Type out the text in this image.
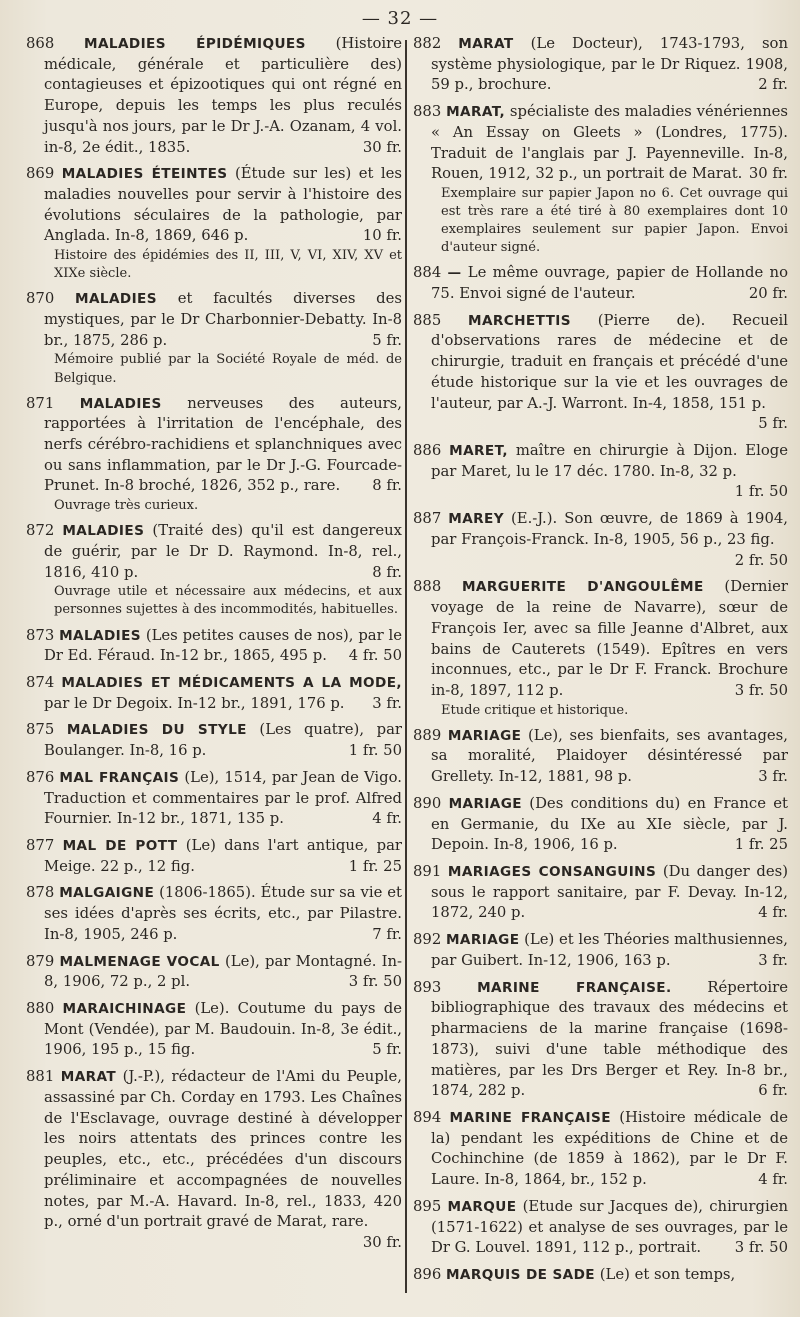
— 32 —
868 MALADIES ÉPIDÉMIQUES (Histoire médicale, générale et particulière des) contagieuses et épizootiques qui ont régné en Europe, depuis les temps les plus reculés jusqu'à nos jours, par le Dr J.-A. Ozanam, 4 vol. in-8, 2e édit., 1835.	30 fr.
869 MALADIES ÉTEINTES (Étude sur les) et les maladies nouvelles pour servir à l'histoire des évolutions séculaires de la pathologie, par Anglada. In-8, 1869, 646 p.	10 fr.
Histoire des épidémies des II, III, V, VI, XIV, XV et XIXe siècle.
870 MALADIES et facultés diverses des mystiques, par le Dr Charbonnier-Debatty. In-8 br., 1875, 286 p.	5 fr.
Mémoire publié par la Société Royale de méd. de Belgique.
871 MALADIES nerveuses des auteurs, rapportées à l'irritation de l'encéphale, des nerfs cérébro-rachidiens et splanchniques avec ou sans inflammation, par le Dr J.-G. Fourcade-Prunet. In-8 broché, 1826, 352 p., rare. 8 fr.
Ouvrage très curieux.
872 MALADIES (Traité des) qu'il est dangereux de guérir, par le Dr D. Raymond. In-8, rel., 1816, 410 p.	8 fr.
Ouvrage utile et nécessaire aux médecins, et aux personnes sujettes à des incommodités, habituelles.
873 MALADIES (Les petites causes de nos), par le Dr Ed. Féraud. In-12 br., 1865, 495 p. 4 fr. 50
874 MALADIES ET MÉDICAMENTS A LA MODE, par le Dr Degoix. In-12 br., 1891, 176 p. 3 fr.
875 MALADIES DU STYLE (Les quatre), par Boulanger. In-8, 16 p.	1 fr. 50
876 MAL FRANÇAIS (Le), 1514, par Jean de Vigo. Traduction et commentaires par le prof. Alfred Fournier. In-12 br., 1871, 135 p.	4 fr.
877 MAL DE POTT (Le) dans l'art antique, par Meige. 22 p., 12 fig.	1 fr. 25
878 MALGAIGNE (1806-1865). Étude sur sa vie et ses idées d'après ses écrits, etc., par Pilastre. In-8, 1905, 246 p.	7 fr.
879 MALMENAGE VOCAL (Le), par Montagné. In-8, 1906, 72 p., 2 pl.	3 fr. 50
880 MARAICHINAGE (Le). Coutume du pays de Mont (Vendée), par M. Baudouin. In-8, 3e édit., 1906, 195 p., 15 fig.	5 fr.
881 MARAT (J.-P.), rédacteur de l'Ami du Peuple, assassiné par Ch. Corday en 1793. Les Chaînes de l'Esclavage, ouvrage destiné à développer les noirs attentats des princes contre les peuples, etc., etc., précédées d'un discours préliminaire et accompagnées de nouvelles notes, par M.-A. Havard. In-8, rel., 1833, 420 p., orné d'un portrait gravé de Marat, rare.
30 fr.
882 MARAT (Le Docteur), 1743-1793, son système physiologique, par le Dr Riquez. 1908, 59 p., brochure.	2 fr.
883 MARAT, spécialiste des maladies vénériennes « An Essay on Gleets » (Londres, 1775). Traduit de l'anglais par J. Payenneville. In-8, Rouen, 1912, 32 p., un portrait de Marat. 30 fr.
Exemplaire sur papier Japon no 6. Cet ouvrage qui est très rare a été tiré à 80 exemplaires dont 10 exemplaires seulement sur papier Japon. Envoi d'auteur signé.
884 — Le même ouvrage, papier de Hollande no 75. Envoi signé de l'auteur.	20 fr.
885 MARCHETTIS (Pierre de). Recueil d'observations rares de médecine et de chirurgie, traduit en français et précédé d'une étude historique sur la vie et les ouvrages de l'auteur, par A.-J. Warront. In-4, 1858, 151 p.
5 fr.
886 MARET, maître en chirurgie à Dijon. Eloge par Maret, lu le 17 déc. 1780. In-8, 32 p.
1 fr. 50
887 MAREY (E.-J.). Son œuvre, de 1869 à 1904, par François-Franck. In-8, 1905, 56 p., 23 fig.
2 fr. 50
888 MARGUERITE D'ANGOULÊME (Dernier voyage de la reine de Navarre), sœur de François Ier, avec sa fille Jeanne d'Albret, aux bains de Cauterets (1549). Epîtres en vers inconnues, etc., par le Dr F. Franck. Brochure in-8, 1897, 112 p.	3 fr. 50
Etude critique et historique.
889 MARIAGE (Le), ses bienfaits, ses avantages, sa moralité, Plaidoyer désintéressé par Grellety. In-12, 1881, 98 p.	3 fr.
890 MARIAGE (Des conditions du) en France et en Germanie, du IXe au XIe siècle, par J. Depoin. In-8, 1906, 16 p.	1 fr. 25
891 MARIAGES CONSANGUINS (Du danger des) sous le rapport sanitaire, par F. Devay. In-12, 1872, 240 p.	4 fr.
892 MARIAGE (Le) et les Théories malthusiennes, par Guibert. In-12, 1906, 163 p.	3 fr.
893	MARINE FRANÇAISE. Répertoire bibliographique des travaux des médecins et pharmaciens de la marine française (1698-1873), suivi d'une table méthodique des matières, par les Drs Berger et Rey. In-8 br., 1874, 282 p.	6 fr.
894 MARINE FRANÇAISE (Histoire médicale de la) pendant les expéditions de Chine et de Cochinchine (de 1859 à 1862), par le Dr F. Laure. In-8, 1864, br., 152 p.	4 fr.
895 MARQUE (Etude sur Jacques de), chirurgien (1571-1622) et analyse de ses ouvrages, par le Dr G. Louvel. 1891, 112 p., portrait. 3 fr. 50
896 MARQUIS DE SADE (Le) et son temps,
